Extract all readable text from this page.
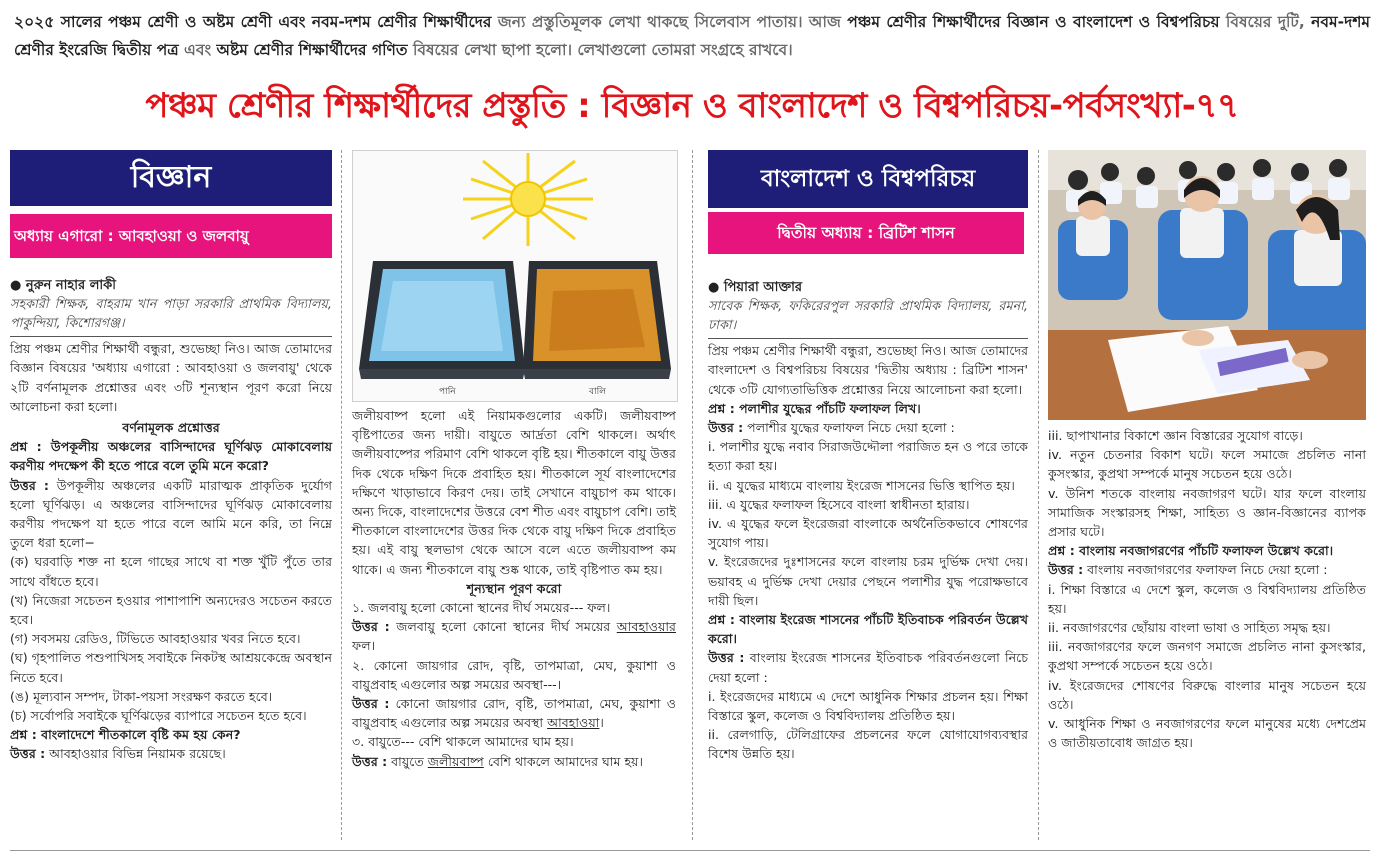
২০২৫ সালের পঞ্চম শ্রেণী ও অষ্টম শ্রেণী এবং নবম-দশম শ্রেণীর শিক্ষার্থীদের জন্য প্রস্তুতিমূলক লেখা থাকছে সিলেবাস পাতায়। আজ পঞ্চম শ্রেণীর শিক্ষার্থীদের বিজ্ঞান ও বাংলাদেশ ও বিশ্বপরিচয় বিষয়ের দুটি, নবম-দশম শ্রেণীর ইংরেজি দ্বিতীয় পত্র এবং অষ্টম শ্রেণীর শিক্ষার্থীদের গণিত বিষয়ের লেখা ছাপা হলো। লেখাগুলো তোমরা সংগ্রহে রাখবে।
পঞ্চম শ্রেণীর শিক্ষার্থীদের প্রস্তুতি : বিজ্ঞান ও বাংলাদেশ ও বিশ্বপরিচয়-পর্বসংখ্যা-৭৭
বিজ্ঞান
অধ্যায় এগারো : আবহাওয়া ও জলবায়ু
● নুরুন নাহার লাকী
সহকারী শিক্ষক, বাহরাম খান পাড়া সরকারি প্রাথমিক বিদ্যালয়, পাকুন্দিয়া, কিশোরগঞ্জ।

প্রিয় পঞ্চম শ্রেণীর শিক্ষার্থী বন্ধুরা, শুভেচ্ছা নিও। আজ তোমাদের বিজ্ঞান বিষয়ের 'অধ্যায় এগারো : আবহাওয়া ও জলবায়ু' থেকে ২টি বর্ণনামূলক প্রশ্নোত্তর এবং ৩টি শূন্যস্থান পূরণ করো নিয়ে আলোচনা করা হলো।

বর্ণনামূলক প্রশ্নোত্তর

প্রশ্ন : উপকূলীয় অঞ্চলের বাসিন্দাদের ঘূর্ণিঝড় মোকাবেলায় করণীয় পদক্ষেপ কী হতে পারে বলে তুমি মনে করো?

উত্তর : উপকূলীয় অঞ্চলের একটি মারাত্মক প্রাকৃতিক দুর্যোগ হলো ঘূর্ণিঝড়। এ অঞ্চলের বাসিন্দাদের ঘূর্ণিঝড় মোকাবেলায় করণীয় পদক্ষেপ যা হতে পারে বলে আমি মনে করি, তা নিম্নে তুলে ধরা হলো−

(ক) ঘরবাড়ি শক্ত না হলে গাছের সাথে বা শক্ত খুঁটি পুঁতে তার সাথে বাঁধতে হবে।

(খ) নিজেরা সচেতন হওয়ার পাশাপাশি অন্যদেরও সচেতন করতে হবে।

(গ) সবসময় রেডিও, টিভিতে আবহাওয়ার খবর নিতে হবে।

(ঘ) গৃহপালিত পশুপাখিসহ সবাইকে নিকটস্থ আশ্রয়কেন্দ্রে অবস্থান নিতে হবে।

(ঙ) মূল্যবান সম্পদ, টাকা-পয়সা সংরক্ষণ করতে হবে।

(চ) সর্বোপরি সবাইকে ঘূর্ণিঝড়ের ব্যাপারে সচেতন হতে হবে।

প্রশ্ন : বাংলাদেশে শীতকালে বৃষ্টি কম হয় কেন?

উত্তর : আবহাওয়ার বিভিন্ন নিয়ামক রয়েছে।

পানি	বালি

জলীয়বাষ্প হলো এই নিয়ামকগুলোর একটি। জলীয়বাষ্প বৃষ্টিপাতের জন্য দায়ী। বায়ুতে আর্দ্রতা বেশি থাকলে। অর্থাৎ জলীয়বাষ্পের পরিমাণ বেশি থাকলে বৃষ্টি হয়। শীতকালে বায়ু উত্তর দিক থেকে দক্ষিণ দিকে প্রবাহিত হয়। শীতকালে সূর্য বাংলাদেশের দক্ষিণে খাড়াভাবে কিরণ দেয়। তাই সেখানে বায়ুচাপ কম থাকে। অন্য দিকে, বাংলাদেশের উত্তরে বেশ শীত এবং বায়ুচাপ বেশি। তাই শীতকালে বাংলাদেশের উত্তর দিক থেকে বায়ু দক্ষিণ দিকে প্রবাহিত হয়। এই বায়ু স্থলভাগ থেকে আসে বলে এতে জলীয়বাষ্প কম থাকে। এ জন্য শীতকালে বায়ু শুষ্ক থাকে, তাই বৃষ্টিপাত কম হয়।

শূন্যস্থান পূরণ করো

১. জলবায়ু হলো কোনো স্থানের দীর্ঘ সময়ের--- ফল।

উত্তর : জলবায়ু হলো কোনো স্থানের দীর্ঘ সময়ের আবহাওয়ার ফল।

২. কোনো জায়গার রোদ, বৃষ্টি, তাপমাত্রা, মেঘ, কুয়াশা ও বায়ুপ্রবাহ এগুলোর অল্প সময়ের অবস্থা---।

উত্তর : কোনো জায়গার রোদ, বৃষ্টি, তাপমাত্রা, মেঘ, কুয়াশা ও বায়ুপ্রবাহ এগুলোর অল্প সময়ের অবস্থা আবহাওয়া।

৩. বায়ুতে--- বেশি থাকলে আমাদের ঘাম হয়।

উত্তর : বায়ুতে জলীয়বাষ্প বেশি থাকলে আমাদের ঘাম হয়।

বাংলাদেশ ও বিশ্বপরিচয়
দ্বিতীয় অধ্যায় : ব্রিটিশ শাসন
● পিয়ারা আক্তার
সাবেক শিক্ষক, ফকিরেরপুল সরকারি প্রাথমিক বিদ্যালয়, রমনা, ঢাকা।

প্রিয় পঞ্চম শ্রেণীর শিক্ষার্থী বন্ধুরা, শুভেচ্ছা নিও। আজ তোমাদের বাংলাদেশ ও বিশ্বপরিচয় বিষয়ের 'দ্বিতীয় অধ্যায় : ব্রিটিশ শাসন' থেকে ৩টি যোগ্যতাভিত্তিক প্রশ্নোত্তর নিয়ে আলোচনা করা হলো।

প্রশ্ন : পলাশীর যুদ্ধের পাঁচটি ফলাফল লিখ।

উত্তর : পলাশীর যুদ্ধের ফলাফল নিচে দেয়া হলো :

i. পলাশীর যুদ্ধে নবাব সিরাজউদ্দৌলা পরাজিত হন ও পরে তাকে হত্যা করা হয়।

ii. এ যুদ্ধের মাধ্যমে বাংলায় ইংরেজ শাসনের ভিত্তি স্থাপিত হয়।

iii. এ যুদ্ধের ফলাফল হিসেবে বাংলা স্বাধীনতা হারায়।

iv. এ যুদ্ধের ফলে ইংরেজরা বাংলাকে অর্থনৈতিকভাবে শোষণের সুযোগ পায়।

v. ইংরেজদের দুঃশাসনের ফলে বাংলায় চরম দুর্ভিক্ষ দেখা দেয়। ভয়াবহ এ দুর্ভিক্ষ দেখা দেয়ার পেছনে পলাশীর যুদ্ধ পরোক্ষভাবে দায়ী ছিল।

প্রশ্ন : বাংলায় ইংরেজ শাসনের পাঁচটি ইতিবাচক পরিবর্তন উল্লেখ করো।

উত্তর : বাংলায় ইংরেজ শাসনের ইতিবাচক পরিবর্তনগুলো নিচে দেয়া হলো :

i. ইংরেজদের মাধ্যমে এ দেশে আধুনিক শিক্ষার প্রচলন হয়। শিক্ষা বিস্তারে স্কুল, কলেজ ও বিশ্ববিদ্যালয় প্রতিষ্ঠিত হয়।

ii. রেলগাড়ি, টেলিগ্রাফের প্রচলনের ফলে যোগাযোগব্যবস্থার বিশেষ উন্নতি হয়।

iii. ছাপাখানার বিকাশে জ্ঞান বিস্তারের সুযোগ বাড়ে।

iv. নতুন চেতনার বিকাশ ঘটে। ফলে সমাজে প্রচলিত নানা কুসংস্কার, কুপ্রথা সম্পর্কে মানুষ সচেতন হয়ে ওঠে।

v. উনিশ শতকে বাংলায় নবজাগরণ ঘটে। যার ফলে বাংলায় সামাজিক সংস্কারসহ শিক্ষা, সাহিত্য ও জ্ঞান-বিজ্ঞানের ব্যাপক প্রসার ঘটে।

প্রশ্ন : বাংলায় নবজাগরণের পাঁচটি ফলাফল উল্লেখ করো।

উত্তর : বাংলায় নবজাগরণের ফলাফল নিচে দেয়া হলো :

i. শিক্ষা বিস্তারে এ দেশে স্কুল, কলেজ ও বিশ্ববিদ্যালয় প্রতিষ্ঠিত হয়।

ii. নবজাগরণের ছোঁয়ায় বাংলা ভাষা ও সাহিত্য সমৃদ্ধ হয়।

iii. নবজাগরণের ফলে জনগণ সমাজে প্রচলিত নানা কুসংস্কার, কুপ্রথা সম্পর্কে সচেতন হয়ে ওঠে।

iv. ইংরেজদের শোষণের বিরুদ্ধে বাংলার মানুষ সচেতন হয়ে ওঠে।

v. আধুনিক শিক্ষা ও নবজাগরণের ফলে মানুষের মধ্যে দেশপ্রেম ও জাতীয়তাবোধ জাগ্রত হয়।
